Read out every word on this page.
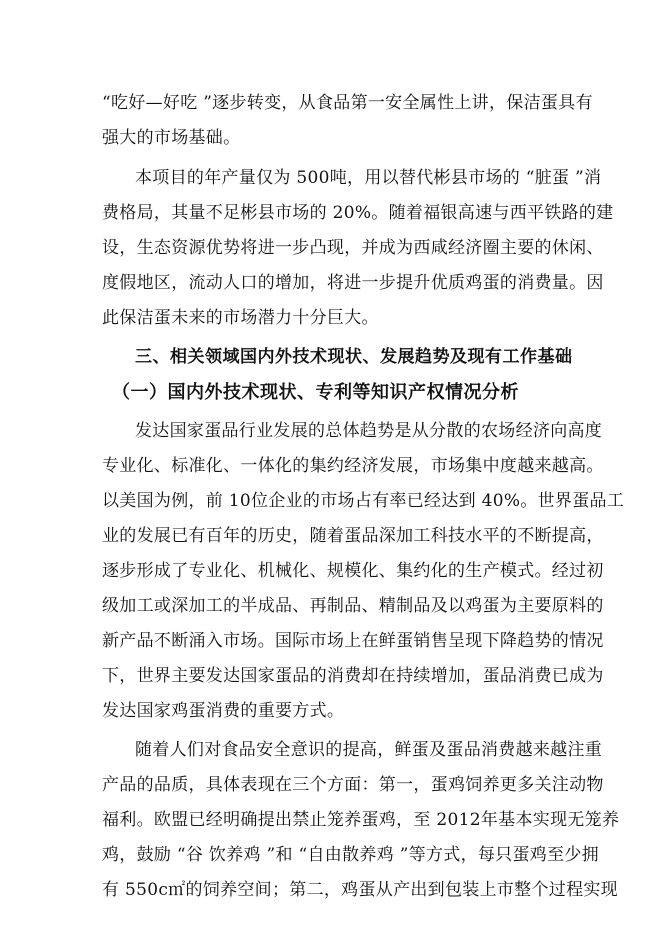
“吃好—好吃 ”逐步转变，从食品第一安全属性上讲，保洁蛋具有
强大的市场基础。
本项目的年产量仅为 500吨，用以替代彬县市场的 “脏蛋 ”消
费格局，其量不足彬县市场的 20%。随着福银高速与西平铁路的建
设，生态资源优势将进一步凸现，并成为西咸经济圈主要的休闲、
度假地区，流动人口的增加，将进一步提升优质鸡蛋的消费量。因
此保洁蛋未来的市场潜力十分巨大。
三、相关领域国内外技术现状、发展趋势及现有工作基础
（一）国内外技术现状、专利等知识产权情况分析
发达国家蛋品行业发展的总体趋势是从分散的农场经济向高度
专业化、标准化、一体化的集约经济发展，市场集中度越来越高。
以美国为例，前 10位企业的市场占有率已经达到 40%。世界蛋品工
业的发展已有百年的历史，随着蛋品深加工科技水平的不断提高，
逐步形成了专业化、机械化、规模化、集约化的生产模式。经过初
级加工或深加工的半成品、再制品、精制品及以鸡蛋为主要原料的
新产品不断涌入市场。国际市场上在鲜蛋销售呈现下降趋势的情况
下，世界主要发达国家蛋品的消费却在持续增加，蛋品消费已成为
发达国家鸡蛋消费的重要方式。
随着人们对食品安全意识的提高，鲜蛋及蛋品消费越来越注重
产品的品质，具体表现在三个方面：第一，蛋鸡饲养更多关注动物
福利。欧盟已经明确提出禁止笼养蛋鸡，至 2012年基本实现无笼养
鸡，鼓励 “谷 饮养鸡 ”和 “自由散养鸡 ”等方式，每只蛋鸡至少拥
有 550c㎡的饲养空间；第二，鸡蛋从产出到包装上市整个过程实现
